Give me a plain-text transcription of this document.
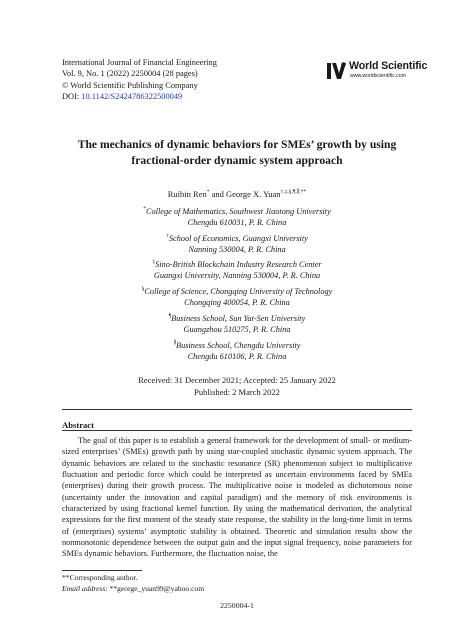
International Journal of Financial Engineering
Vol. 9, No. 1 (2022) 2250004 (28 pages)
© World Scientific Publishing Company
DOI: 10.1142/S2424786322500049
World Scientific
www.worldscientific.com
The mechanics of dynamic behaviors for SMEs’ growth by using
fractional-order dynamic system approach
Ruibin Ren* and George X. Yuan†,‡,§,¶,∥,**
*College of Mathematics, Southwest Jiaotong University
Chengdu 610031, P. R. China
†School of Economics, Guangxi University
Nanning 530004, P. R. China
‡Sino-British Blockchain Industry Research Center
Guangxi University, Nanning 530004, P. R. China
§College of Science, Chongqing University of Technology
Chongqing 400054, P. R. China
¶Business School, Sun Yat-Sen University
Guangzhou 510275, P. R. China
∥Business School, Chengdu University
Chengdu 610106, P. R. China
Received: 31 December 2021; Accepted: 25 January 2022
Published: 2 March 2022
Abstract
The goal of this paper is to establish a general framework for the development of small- or medium-sized enterprises’ (SMEs) growth path by using star-coupled stochastic dynamic system approach. The dynamic behaviors are related to the stochastic resonance (SR) phenomenon subject to multiplicative fluctuation and periodic force which could be interpreted as uncertain environments faced by SMEs (enterprises) during their growth process. The multiplicative noise is modeled as dichotomous noise (uncertainty under the innovation and capital paradigm) and the memory of risk environments is characterized by using fractional kernel function. By using the mathematical derivation, the analytical expressions for the first moment of the steady state response, the stability in the long-time limit in terms of (enterprises) systems’ asymptotic stability is obtained. Theoretic and simulation results show the nonmonotonic dependence between the output gain and the input signal frequency, noise parameters for SMEs dynamic behaviors. Furthermore, the fluctuation noise, the
**Corresponding author.
Email address: **george_yuan99@yahoo.com
2250004-1
